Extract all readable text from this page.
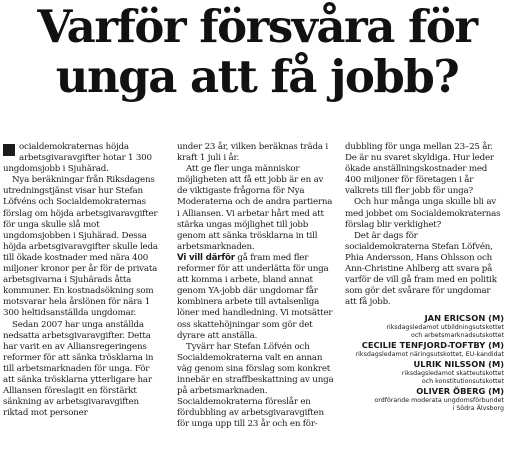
Varför försvåra för
unga att få jobb?

ocialdemokraternas höjda arbetsgivaravgifter hotar 1 300 ungdomsjobb i Sjuhärad.

Nya beräkningar från Riksdagens utredningstjänst visar hur Stefan Löfvéns och Socialdemokraternas förslag om höjda arbetsgivaravgifter för unga skulle slå mot ungdomsjobben i Sjuhärad. Dessa höjda arbetsgivaravgifter skulle leda till ökade kostnader med nära 400 miljoner kronor per år för de privata arbetsgivarna i Sjuhärads åtta kommuner. En kostnadsökning som motsvarar hela årslönen för nära 1 300 heltidsanställda ungdomar.

Sedan 2007 har unga anställda nedsatta arbetsgivaravgifter. Detta har varit en av Alliansregeringens reformer för att sänka trösklarna in till arbetsmarknaden för unga. För att sänka trösklarna ytterligare har Alliansen föreslagit en förstärkt sänkning av arbetsgivaravgiften riktad mot personer

under 23 år, vilken beräknas träda i kraft 1 juli i år.

Att ge fler unga människor möjligheten att få ett jobb är en av de viktigaste frågorna för Nya Moderaterna och de andra partierna i Alliansen. Vi arbetar hårt med att stärka ungas möjlighet till jobb genom att sänka trösklarna in till arbetsmarknaden.

Vi vill därför gå fram med fler reformer för att underlätta för unga att komma i arbete, bland annat genom YA-jobb där ungdomar får kombinera arbete till avtalsenliga löner med handledning. Vi motsätter oss skattehöjningar som gör det dyrare att anställa.

Tyvärr har Stefan Löfvén och Socialdemokraterna valt en annan väg genom sina förslag som konkret innebär en straffbeskattning av unga på arbetsmarknaden. Socialdemokraterna föreslår en fördubbling av arbetsgivaravgiften för unga upp till 23 år och en för-

dubbling för unga mellan 23–25 år. De är nu svaret skyldiga. Hur leder ökade anställningskostnader med 400 miljoner för företagen i år valkrets till fler jobb för unga?

Och hur många unga skulle bli av med jobbet om Socialdemokraternas förslag blir verklighet?

Det är dags för socialdemokraterna Stefan Löfvén, Phia Andersson, Hans Ohlsson och Ann-Christine Ahlberg att svara på varför de vill gå fram med en politik som gör det svårare för ungdomar att få jobb.

JAN ERICSON (M)
riksdagsledamot utbildningsutskottet
och arbetsmarknadsutskottet
CECILIE TENFJORD-TOFTBY (M)
riksdagsledamot näringsutskottet, EU-kandidat
ULRIK NILSSON (M)
riksdagsledamot skatteutskottet
och konstitutionsutskottet
OLIVER ÖBERG (M)
ordförande moderata ungdomsförbundet
i Södra Älvsborg
